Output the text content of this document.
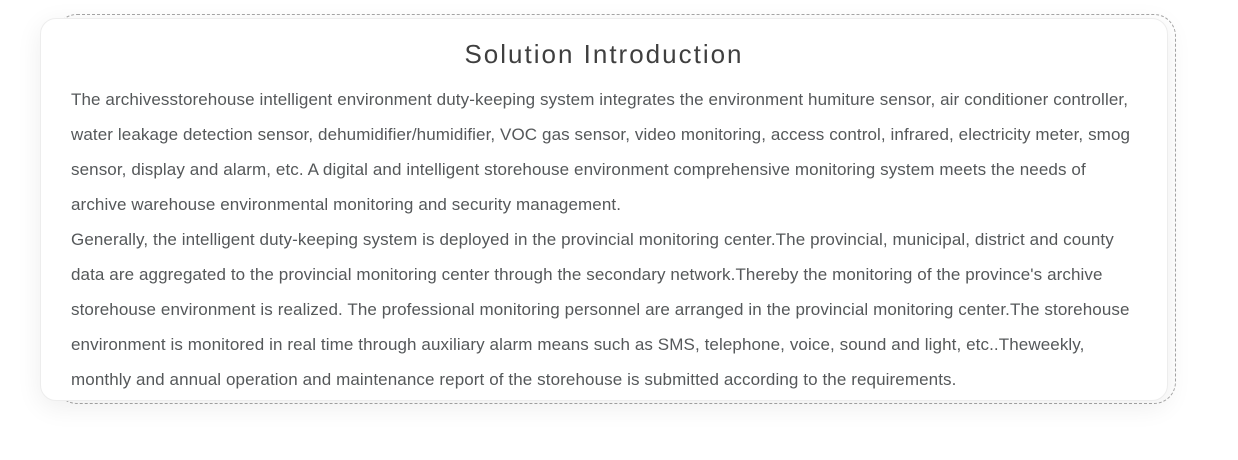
Solution Introduction

The archivesstorehouse intelligent environment duty-keeping system integrates the environment humiture sensor, air conditioner controller, water leakage detection sensor, dehumidifier/humidifier, VOC gas sensor, video monitoring, access control, infrared, electricity meter, smog sensor, display and alarm, etc. A digital and intelligent storehouse environment comprehensive monitoring system meets the needs of archive warehouse environmental monitoring and security management.

Generally, the intelligent duty-keeping system is deployed in the provincial monitoring center.The provincial, municipal, district and county data are aggregated to the provincial monitoring center through the secondary network.Thereby the monitoring of the province's archive storehouse environment is realized. The professional monitoring personnel are arranged in the provincial monitoring center.The storehouse environment is monitored in real time through auxiliary alarm means such as SMS, telephone, voice, sound and light, etc..Theweekly, monthly and annual operation and maintenance report of the storehouse is submitted according to the requirements.
